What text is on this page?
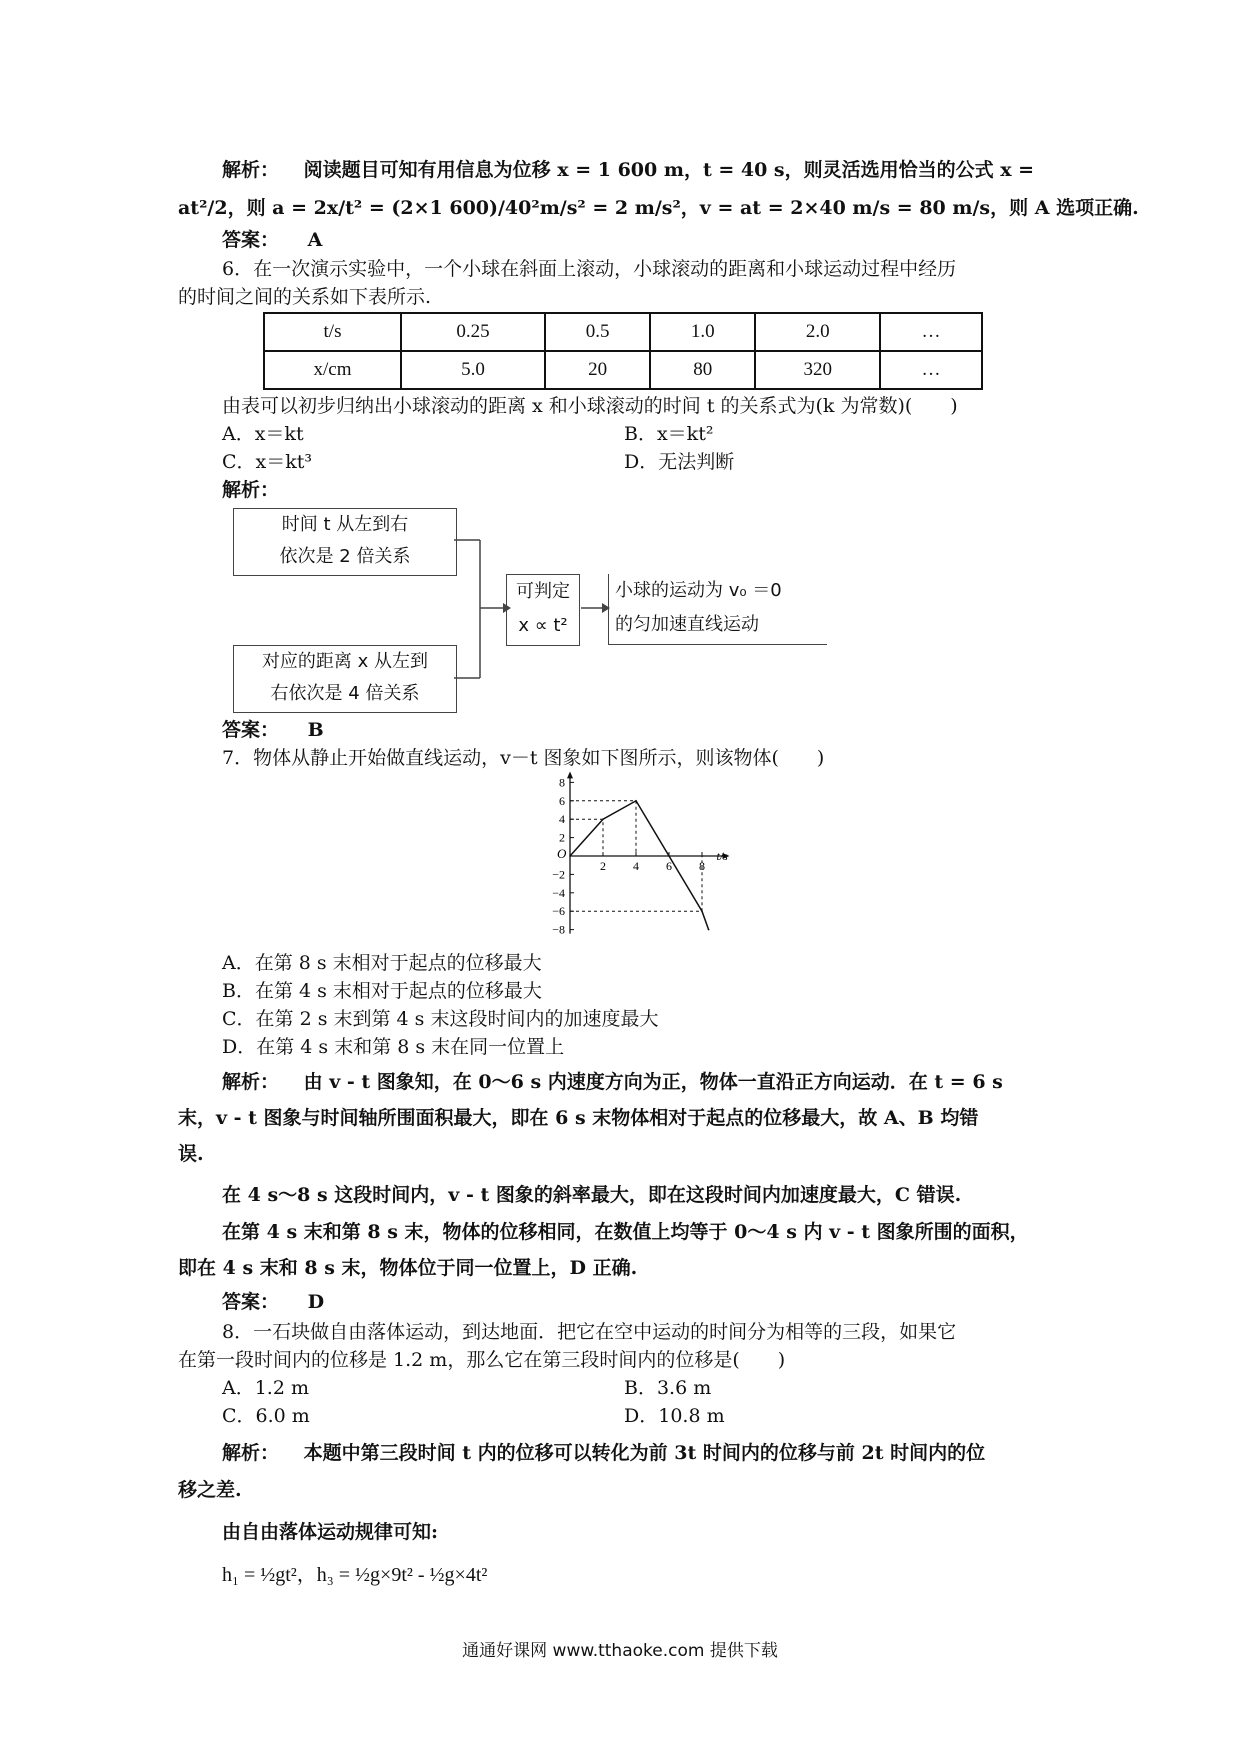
解析： 阅读题目可知有用信息为位移 x = 1 600 m，t = 40 s，则灵活选用恰当的公式 x =
at²/2，则 a = 2x/t² = (2×1 600)/40²m/s² = 2 m/s²，v = at = 2×40 m/s = 80 m/s，则 A 选项正确.
答案： A
6．在一次演示实验中，一个小球在斜面上滚动，小球滚动的距离和小球运动过程中经历
的时间之间的关系如下表所示.
t/s	0.25	0.5	1.0	2.0	…
x/cm	5.0	20	80	320	…
由表可以初步归纳出小球滚动的距离 x 和小球滚动的时间 t 的关系式为(k 为常数)(　　)
A．x＝kt	B．x＝kt²
C．x＝kt³	D．无法判断
解析：
时间 t 从左到右
依次是 2 倍关系
对应的距离 x 从左到
右依次是 4 倍关系
可判定
x ∝ t²
小球的运动为 v₀ ＝0
的匀加速直线运动
答案： B
7．物体从静止开始做直线运动，v－t 图象如下图所示，则该物体(　　)
t/s
O
8
6
4
2
−2
−4
−6
−8
2 4 6 8
A．在第 8 s 末相对于起点的位移最大
B．在第 4 s 末相对于起点的位移最大
C．在第 2 s 末到第 4 s 末这段时间内的加速度最大
D．在第 4 s 末和第 8 s 末在同一位置上
解析： 由 v - t 图象知，在 0～6 s 内速度方向为正，物体一直沿正方向运动．在 t = 6 s
末，v - t 图象与时间轴所围面积最大，即在 6 s 末物体相对于起点的位移最大，故 A、B 均错
误.
在 4 s～8 s 这段时间内，v - t 图象的斜率最大，即在这段时间内加速度最大，C 错误.
在第 4 s 末和第 8 s 末，物体的位移相同，在数值上均等于 0～4 s 内 v - t 图象所围的面积，
即在 4 s 末和 8 s 末，物体位于同一位置上，D 正确.
答案： D
8．一石块做自由落体运动，到达地面．把它在空中运动的时间分为相等的三段，如果它
在第一段时间内的位移是 1.2 m，那么它在第三段时间内的位移是(　　)
A．1.2 m	B．3.6 m
C．6.0 m	D．10.8 m
解析： 本题中第三段时间 t 内的位移可以转化为前 3t 时间内的位移与前 2t 时间内的位
移之差.
由自由落体运动规律可知:
h₁ = ½gt²，h₃ = ½g×9t² - ½g×4t²
通通好课网 www.tthaoke.com 提供下载
